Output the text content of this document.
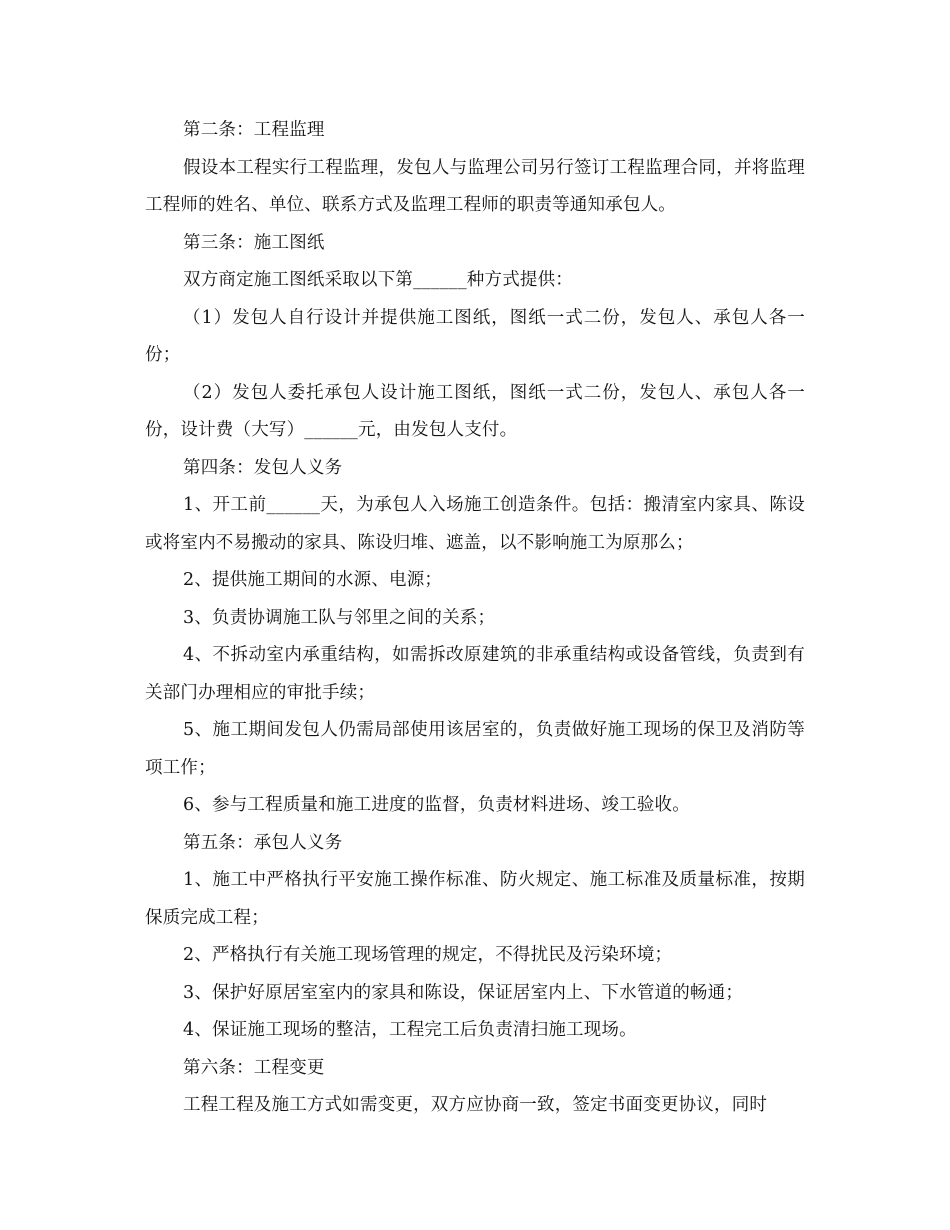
第二条：工程监理

假设本工程实行工程监理，发包人与监理公司另行签订工程监理合同，并将监理工程师的姓名、单位、联系方式及监理工程师的职责等通知承包人。

第三条：施工图纸

双方商定施工图纸采取以下第______种方式提供：

（1）发包人自行设计并提供施工图纸，图纸一式二份，发包人、承包人各一份；

（2）发包人委托承包人设计施工图纸，图纸一式二份，发包人、承包人各一份，设计费（大写）______元，由发包人支付。

第四条：发包人义务

1、开工前______天，为承包人入场施工创造条件。包括：搬清室内家具、陈设或将室内不易搬动的家具、陈设归堆、遮盖，以不影响施工为原那么；

2、提供施工期间的水源、电源；

3、负责协调施工队与邻里之间的关系；

4、不拆动室内承重结构，如需拆改原建筑的非承重结构或设备管线，负责到有关部门办理相应的审批手续；

5、施工期间发包人仍需局部使用该居室的，负责做好施工现场的保卫及消防等项工作；

6、参与工程质量和施工进度的监督，负责材料进场、竣工验收。

第五条：承包人义务

1、施工中严格执行平安施工操作标准、防火规定、施工标准及质量标准，按期保质完成工程；

2、严格执行有关施工现场管理的规定，不得扰民及污染环境；

3、保护好原居室室内的家具和陈设，保证居室内上、下水管道的畅通；

4、保证施工现场的整洁，工程完工后负责清扫施工现场。

第六条：工程变更

工程工程及施工方式如需变更，双方应协商一致，签定书面变更协议，同时
